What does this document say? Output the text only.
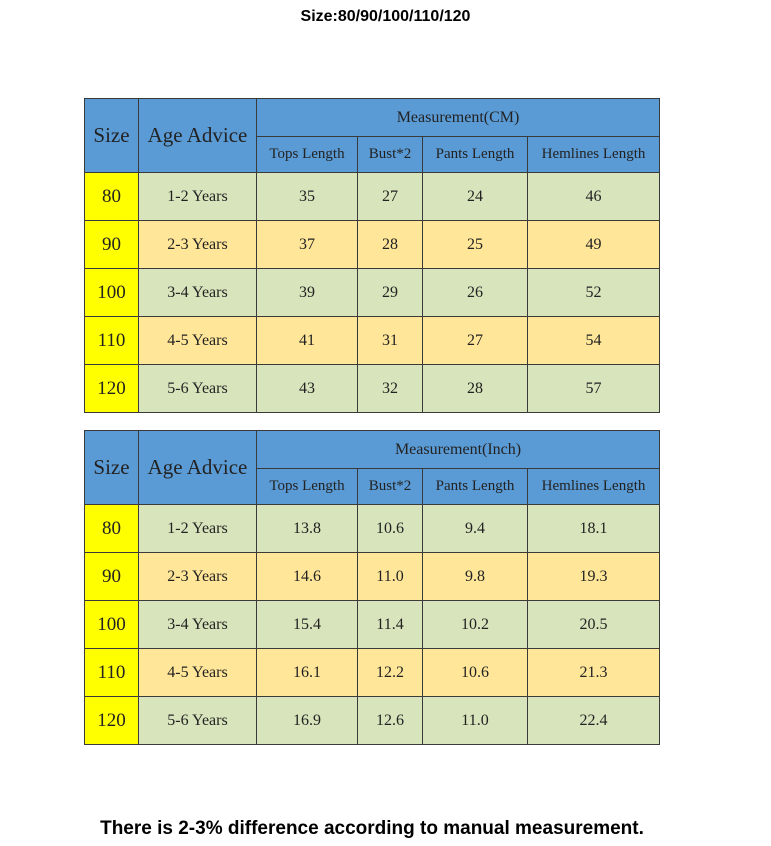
Size:80/90/100/110/120
Size	Age Advice	Measurement(CM)			
		Tops Length	Bust*2	Pants Length	Hemlines Length
80	1-2 Years	35	27	24	46
90	2-3 Years	37	28	25	49
100	3-4 Years	39	29	26	52
110	4-5 Years	41	31	27	54
120	5-6 Years	43	32	28	57
Size	Age Advice	Measurement(Inch)			
		Tops Length	Bust*2	Pants Length	Hemlines Length
80	1-2 Years	13.8	10.6	9.4	18.1
90	2-3 Years	14.6	11.0	9.8	19.3
100	3-4 Years	15.4	11.4	10.2	20.5
110	4-5 Years	16.1	12.2	10.6	21.3
120	5-6 Years	16.9	12.6	11.0	22.4
There is 2-3% difference according to manual measurement.
